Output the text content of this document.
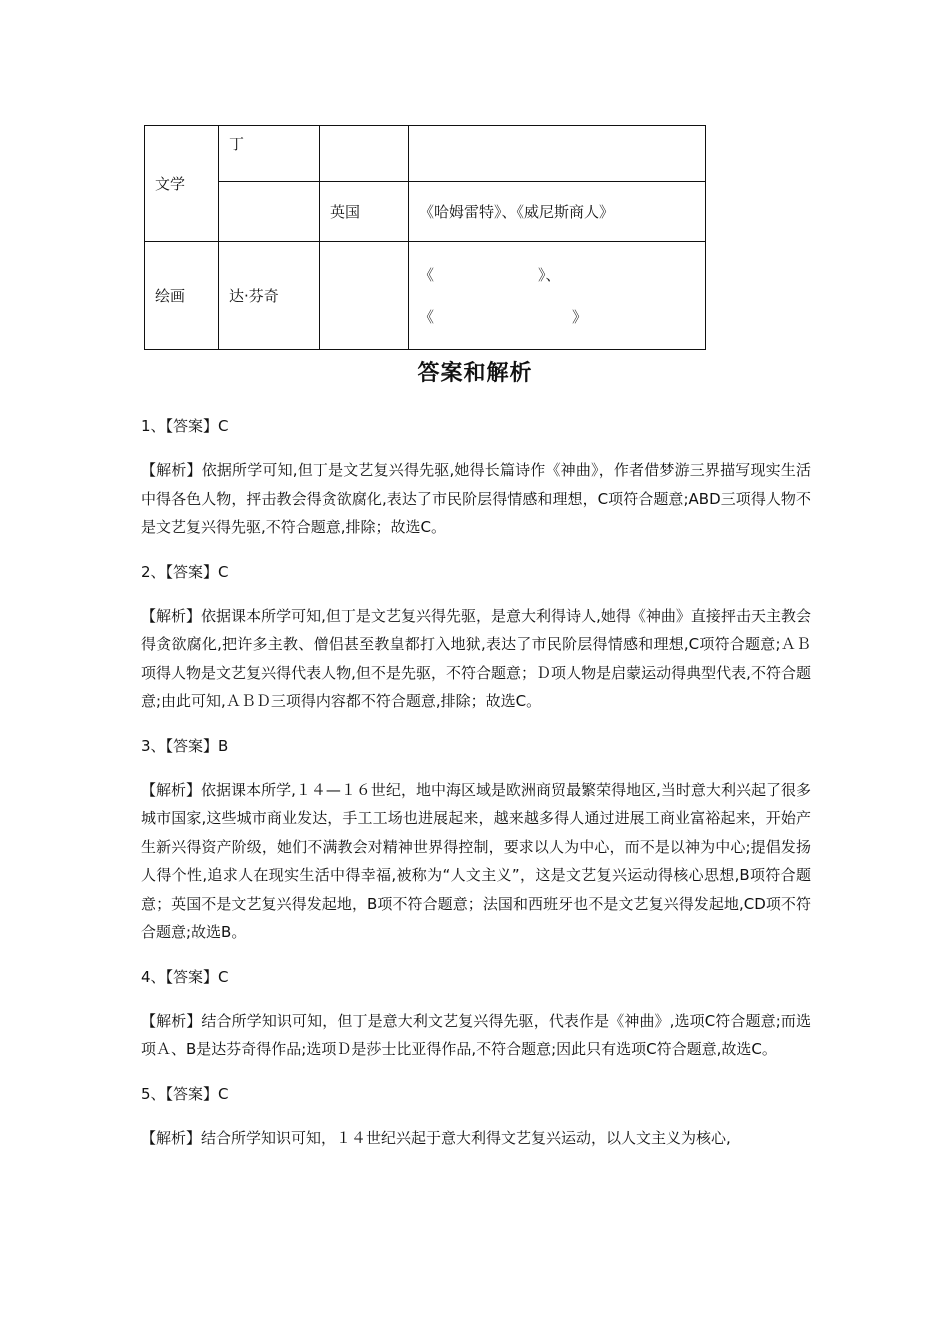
文学	丁		
		英国	《哈姆雷特》、《威尼斯商人》
绘画	达·芬奇		《 》、
《 》
答案和解析
1、【答案】C
【解析】依据所学可知,但丁是文艺复兴得先驱,她得长篇诗作《神曲》，作者借梦游三界描写现实生活中得各色人物，抨击教会得贪欲腐化,表达了市民阶层得情感和理想，C项符合题意;ABD三项得人物不是文艺复兴得先驱,不符合题意,排除；故选C。
2、【答案】C
【解析】依据课本所学可知,但丁是文艺复兴得先驱，是意大利得诗人,她得《神曲》直接抨击天主教会得贪欲腐化,把许多主教、僧侣甚至教皇都打入地狱,表达了市民阶层得情感和理想,C项符合题意;ＡＢ项得人物是文艺复兴得代表人物,但不是先驱，不符合题意；Ｄ项人物是启蒙运动得典型代表,不符合题意;由此可知,ＡＢＤ三项得内容都不符合题意,排除；故选C。
3、【答案】B
【解析】依据课本所学,１４—１６世纪，地中海区域是欧洲商贸最繁荣得地区,当时意大利兴起了很多城市国家,这些城市商业发达，手工工场也进展起来，越来越多得人通过进展工商业富裕起来，开始产生新兴得资产阶级，她们不满教会对精神世界得控制，要求以人为中心，而不是以神为中心;提倡发扬人得个性,追求人在现实生活中得幸福,被称为“人文主义”，这是文艺复兴运动得核心思想,B项符合题意；英国不是文艺复兴得发起地，B项不符合题意；法国和西班牙也不是文艺复兴得发起地,CD项不符合题意;故选B。
4、【答案】C
【解析】结合所学知识可知，但丁是意大利文艺复兴得先驱，代表作是《神曲》,选项C符合题意;而选项Ａ、B是达芬奇得作品;选项Ｄ是莎士比亚得作品,不符合题意;因此只有选项C符合题意,故选C。
5、【答案】C
【解析】结合所学知识可知，１４世纪兴起于意大利得文艺复兴运动，以人文主义为核心,
